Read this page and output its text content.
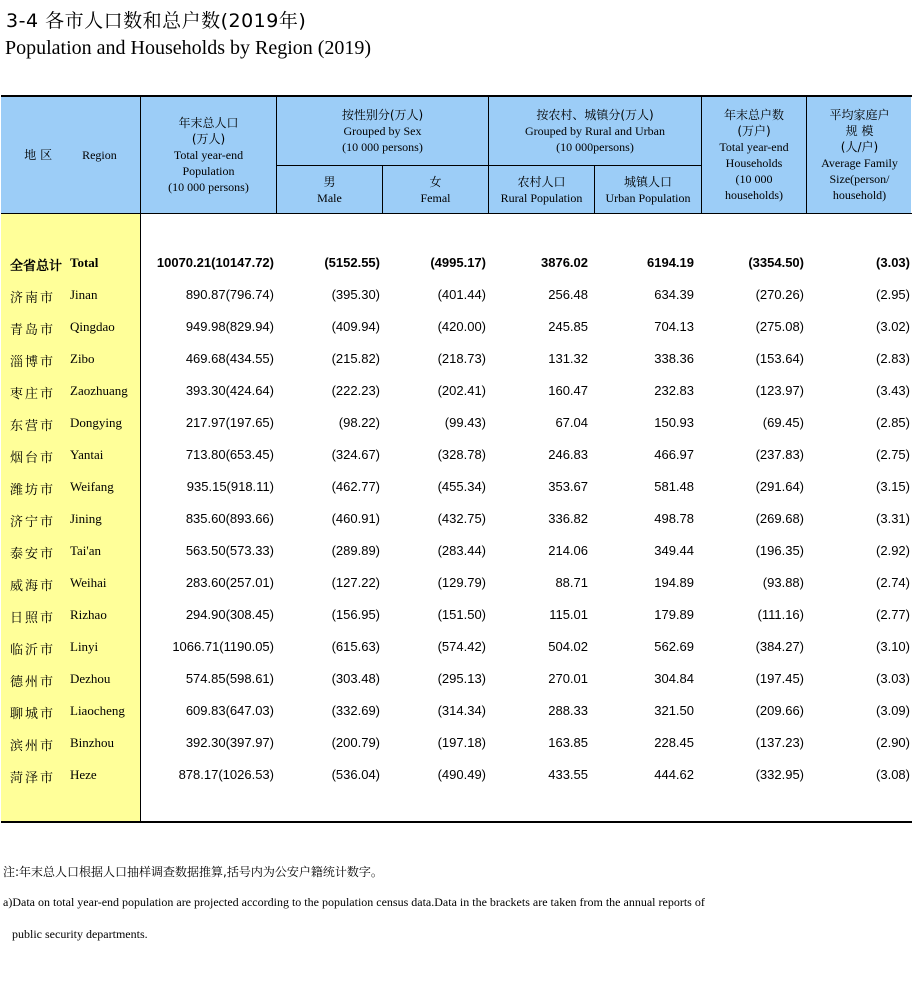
3-4 各市人口数和总户数(2019年)
Population and Households by Region (2019)
地 区	Region
年末总人口
(万人)
Total year-end
Population
(10 000 persons)
按性别分(万人)
Grouped by Sex
(10 000 persons)
男
Male
女
Femal
按农村、城镇分(万人)
Grouped by Rural and Urban
(10 000persons)
农村人口
Rural Population
城镇人口
Urban Population
年末总户数
(万户)
Total year-end
Households
(10 000
households)
平均家庭户
规 模
(人/户)
Average Family
Size(person/
household)
全省总计 Total	10070.21(10147.72)	(5152.55)	(4995.17)	3876.02	6194.19	(3354.50)	(3.03)
济南市 Jinan	890.87(796.74)	(395.30)	(401.44)	256.48	634.39	(270.26)	(2.95)
青岛市 Qingdao	949.98(829.94)	(409.94)	(420.00)	245.85	704.13	(275.08)	(3.02)
淄博市 Zibo	469.68(434.55)	(215.82)	(218.73)	131.32	338.36	(153.64)	(2.83)
枣庄市 Zaozhuang	393.30(424.64)	(222.23)	(202.41)	160.47	232.83	(123.97)	(3.43)
东营市 Dongying	217.97(197.65)	(98.22)	(99.43)	67.04	150.93	(69.45)	(2.85)
烟台市 Yantai	713.80(653.45)	(324.67)	(328.78)	246.83	466.97	(237.83)	(2.75)
潍坊市 Weifang	935.15(918.11)	(462.77)	(455.34)	353.67	581.48	(291.64)	(3.15)
济宁市 Jining	835.60(893.66)	(460.91)	(432.75)	336.82	498.78	(269.68)	(3.31)
泰安市 Tai'an	563.50(573.33)	(289.89)	(283.44)	214.06	349.44	(196.35)	(2.92)
威海市 Weihai	283.60(257.01)	(127.22)	(129.79)	88.71	194.89	(93.88)	(2.74)
日照市 Rizhao	294.90(308.45)	(156.95)	(151.50)	115.01	179.89	(111.16)	(2.77)
临沂市 Linyi	1066.71(1190.05)	(615.63)	(574.42)	504.02	562.69	(384.27)	(3.10)
德州市 Dezhou	574.85(598.61)	(303.48)	(295.13)	270.01	304.84	(197.45)	(3.03)
聊城市 Liaocheng	609.83(647.03)	(332.69)	(314.34)	288.33	321.50	(209.66)	(3.09)
滨州市 Binzhou	392.30(397.97)	(200.79)	(197.18)	163.85	228.45	(137.23)	(2.90)
菏泽市 Heze	878.17(1026.53)	(536.04)	(490.49)	433.55	444.62	(332.95)	(3.08)
注:年末总人口根据人口抽样调查数据推算,括号内为公安户籍统计数字。
a)Data on total year-end population are projected according to the population census data.Data in the brackets are taken from the annual reports of
public security departments.
